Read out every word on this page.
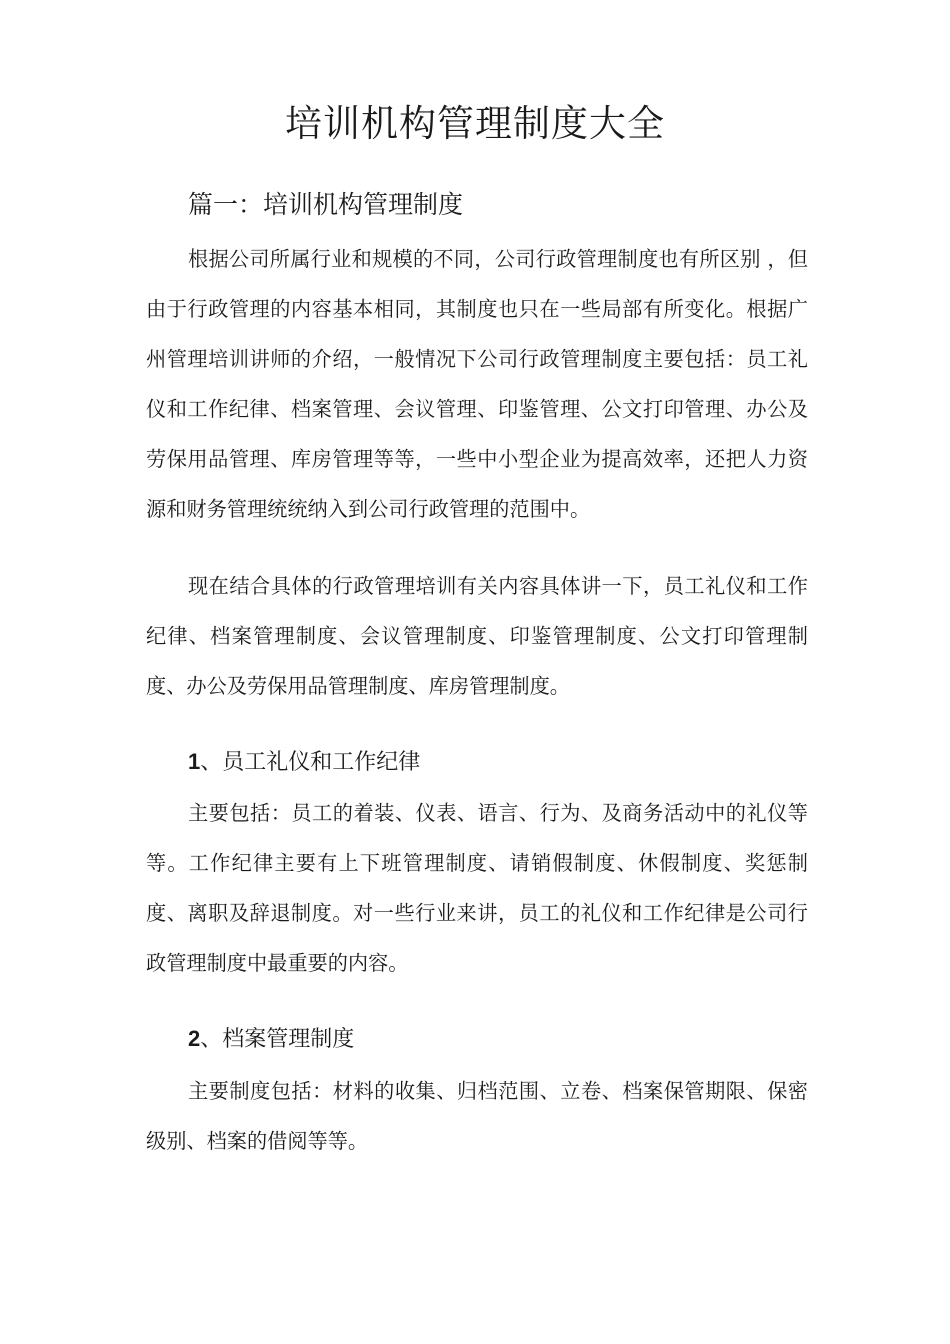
培训机构管理制度大全
篇一：培训机构管理制度

根据公司所属行业和规模的不同，公司行政管理制度也有所区别 ，但由于行政管理的内容基本相同，其制度也只在一些局部有所变化。根据广州管理培训讲师的介绍，一般情况下公司行政管理制度主要包括：员工礼仪和工作纪律、档案管理、会议管理、印鉴管理、公文打印管理、办公及劳保用品管理、库房管理等等，一些中小型企业为提高效率，还把人力资源和财务管理统统纳入到公司行政管理的范围中。

现在结合具体的行政管理培训有关内容具体讲一下，员工礼仪和工作纪律、档案管理制度、会议管理制度、印鉴管理制度、公文打印管理制度、办公及劳保用品管理制度、库房管理制度。

1、员工礼仪和工作纪律

主要包括：员工的着装、仪表、语言、行为、及商务活动中的礼仪等等。工作纪律主要有上下班管理制度、请销假制度、休假制度、奖惩制度、离职及辞退制度。对一些行业来讲，员工的礼仪和工作纪律是公司行政管理制度中最重要的内容。

2、档案管理制度

主要制度包括：材料的收集、归档范围、立卷、档案保管期限、保密级别、档案的借阅等等。
